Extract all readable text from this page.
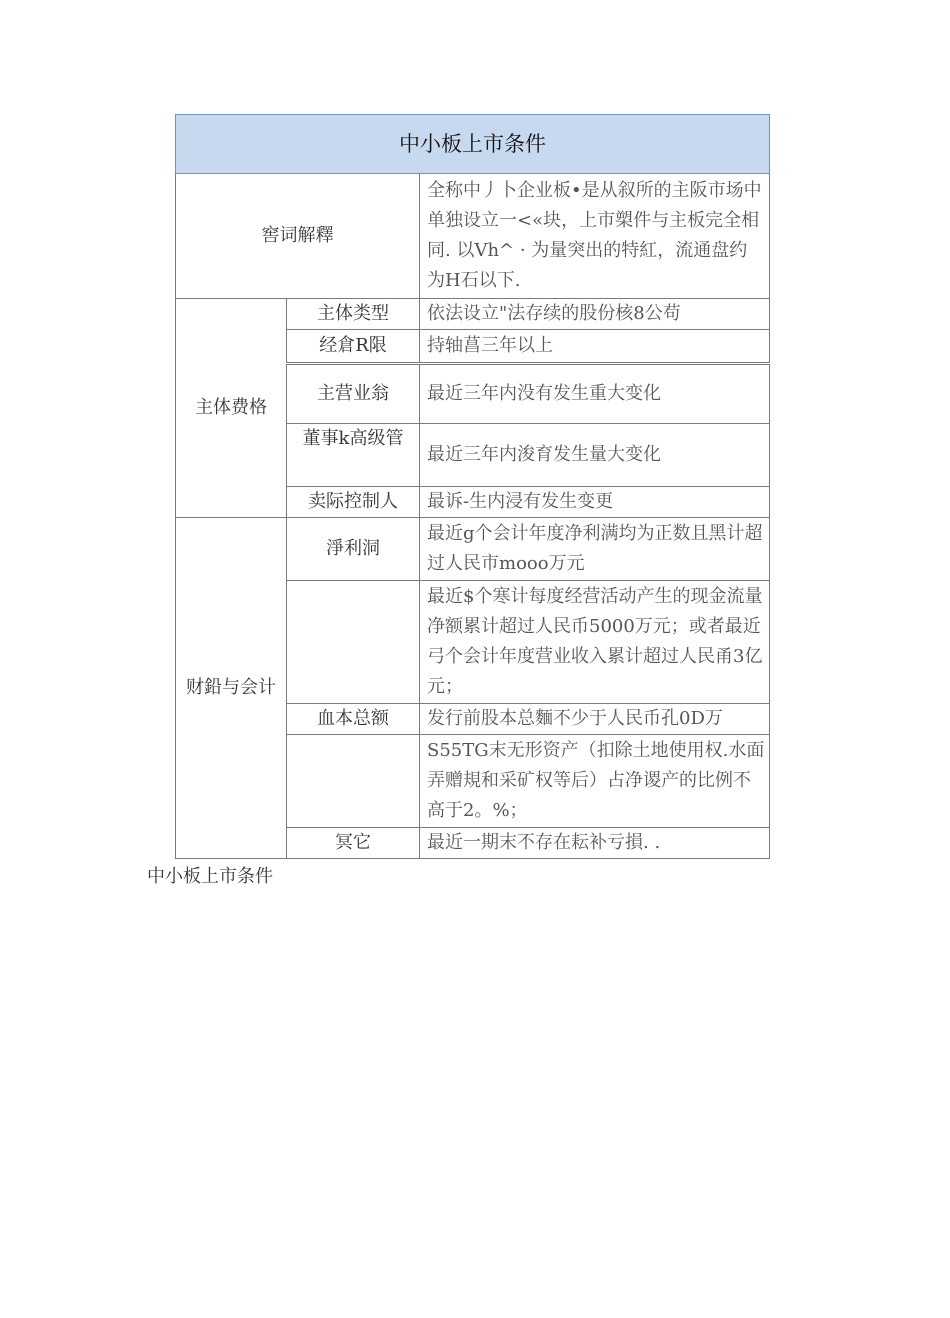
中小板上市条件		
窖词解釋		全称中丿卜企业板•是从叙所的主阪市场中单独设立一<«块，上市槊件与主板完全相同. 以Vh^ · 为量突出的特紅，流通盘约为H石以下.
主体费格	主体类型	依法设立"法存续的股份核8公苟
	经倉R限	持轴菖三年以上
	主营业翁	最近三年内没有发生重大变化
	董事k高级管	最近三年内浚育发生量大变化
	卖际控制人	最诉-生内浸有发生变更
财鉛与会计	淨利洞	最近g个会计年度净利满均为正数且黑计超过人民市mooo万元
		最近$个寒计每度经营活动产生的现金流量净额累计超过人民币5000万元；或者最近弓个会计年度营业收入累计超过人民甬3亿元；
	血本总额	发行前股本总麵不少于人民币孔0D万
		S55TG末无形资产（扣除土地使用权.水面弄赠規和采矿权等后）占净谡产的比例不高于2。%；
	冥它	最近一期末不存在耘补亏損. .
中小板上市条件
